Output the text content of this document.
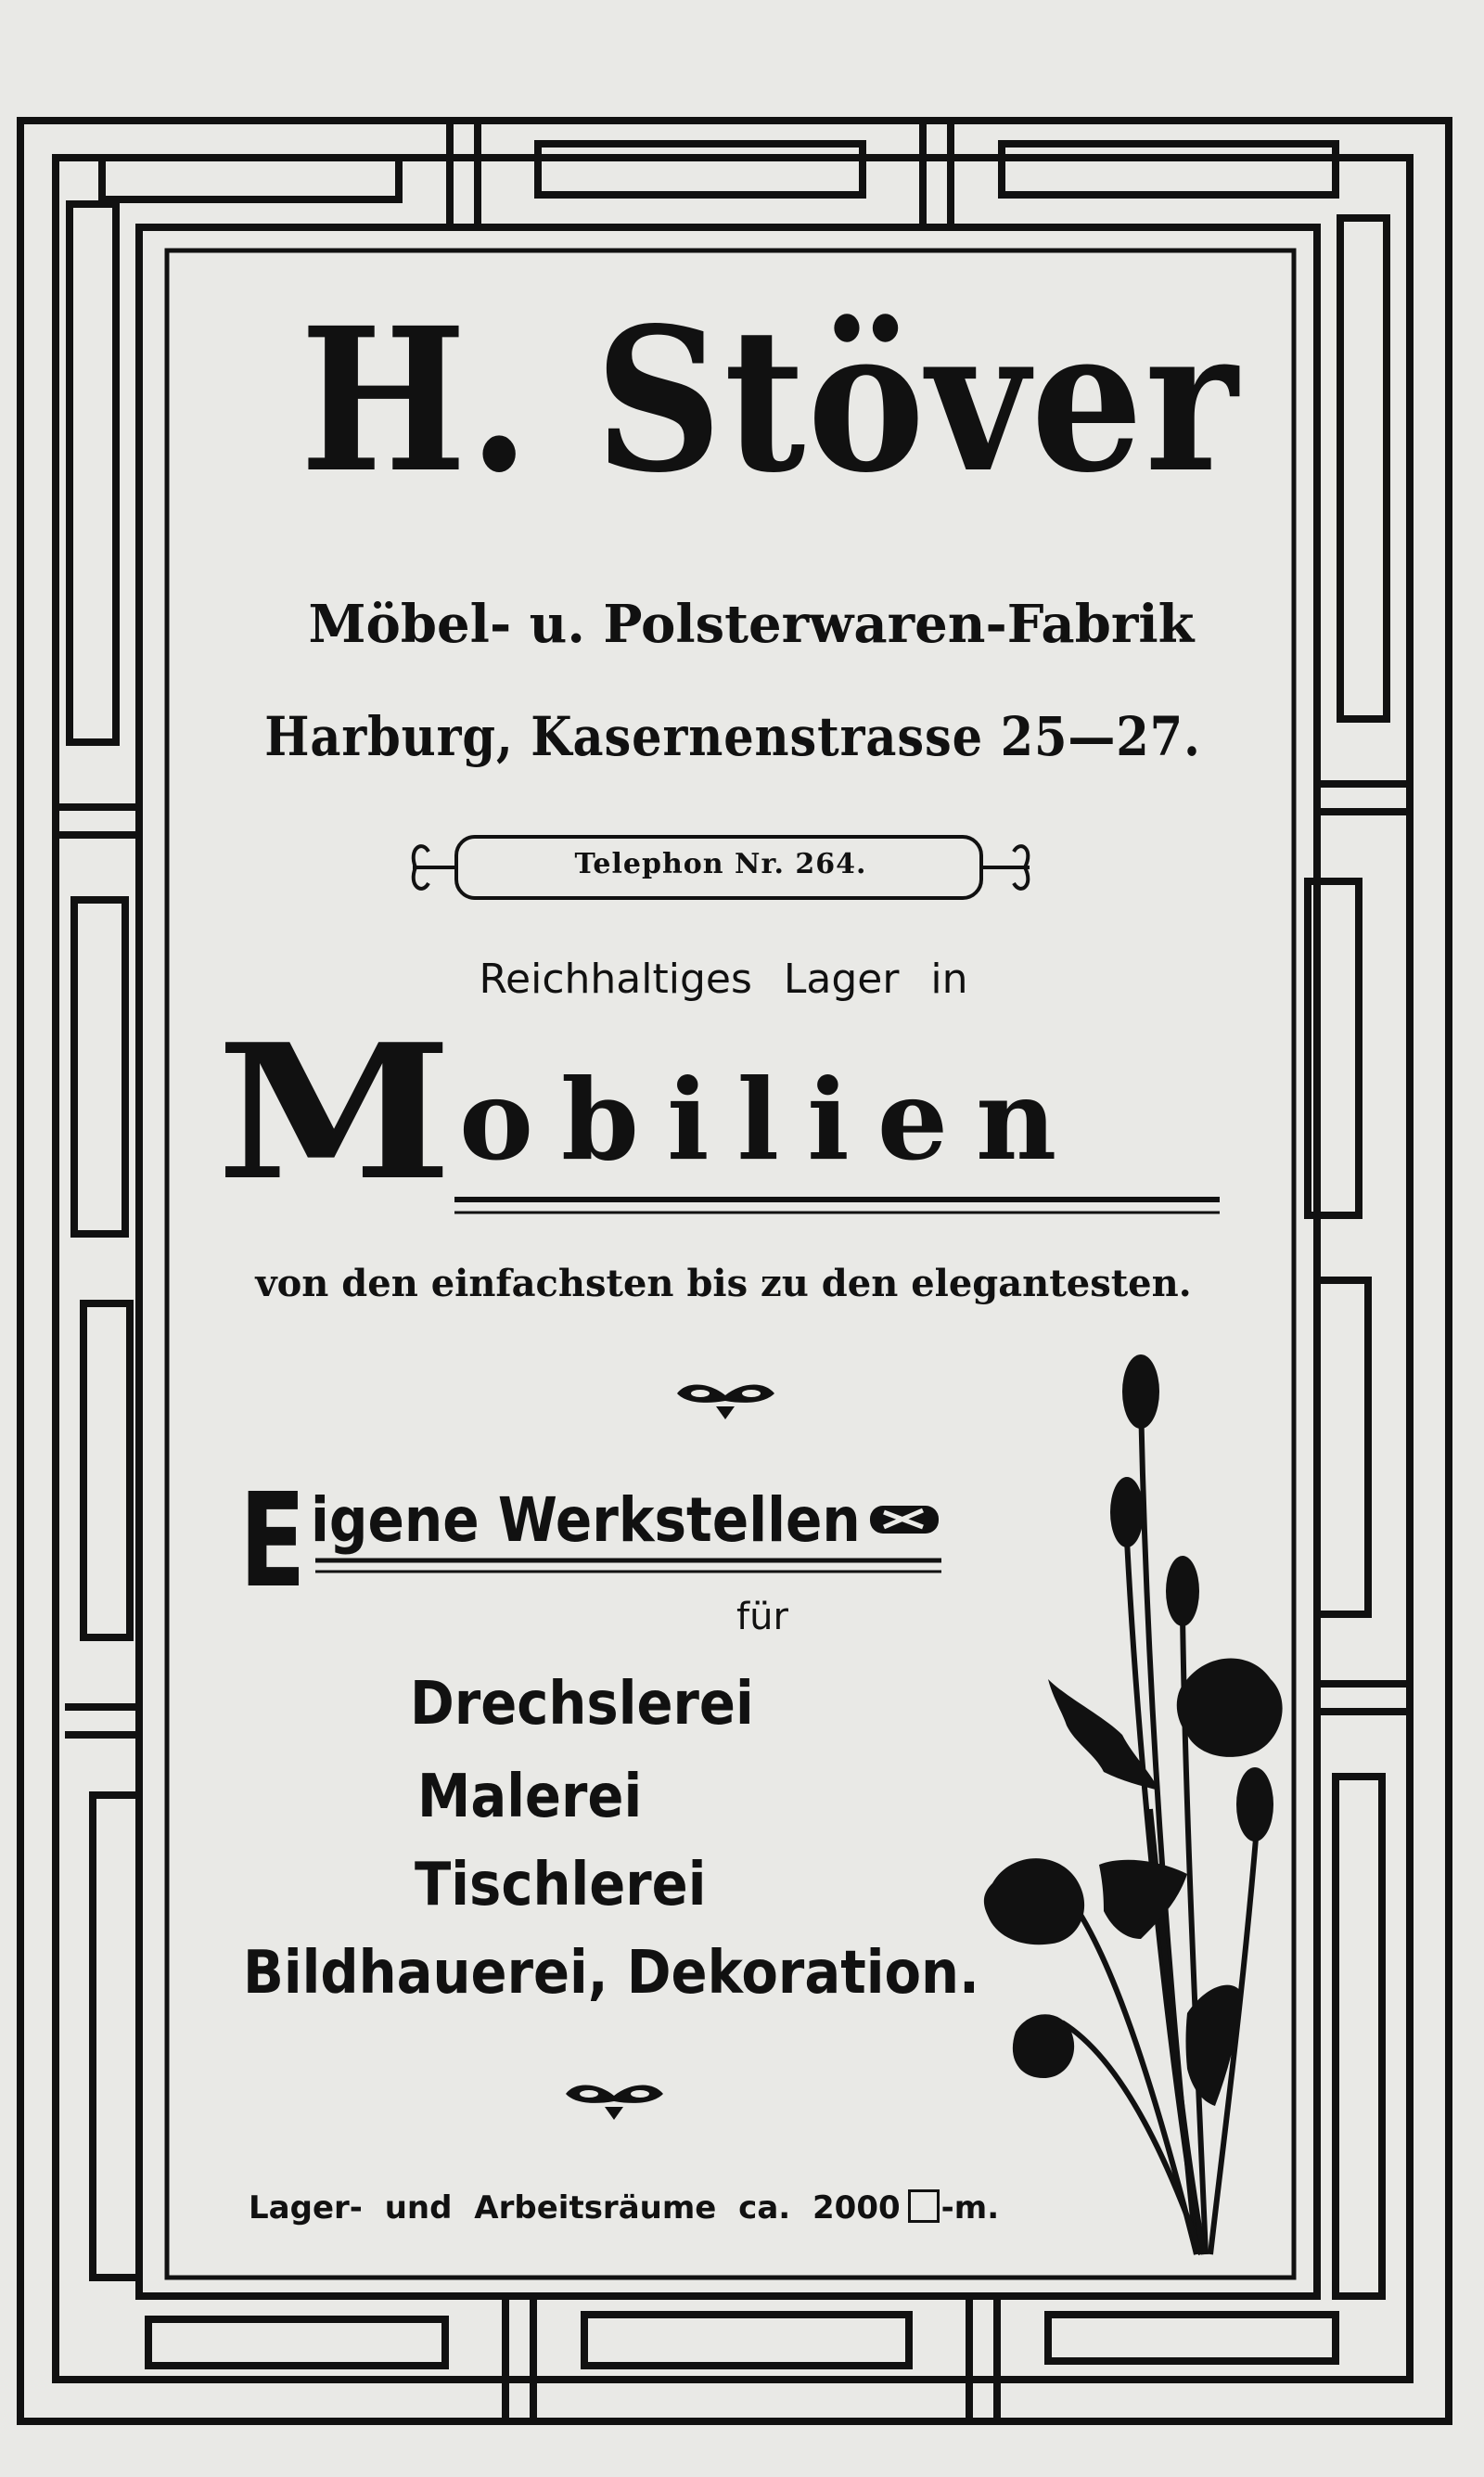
H. Stöver
Möbel- u. Polsterwaren-Fabrik
Harburg, Kasernenstrasse 25—27.
Telephon Nr. 264.
Reichhaltiges Lager in
M obilien
von den einfachsten bis zu den elegantesten.
E igene Werkstellen
für
Drechslerei
Malerei
Tischlerei
Bildhauerei, Dekoration.
Lager- und Arbeitsräume ca. 2000 -m.
